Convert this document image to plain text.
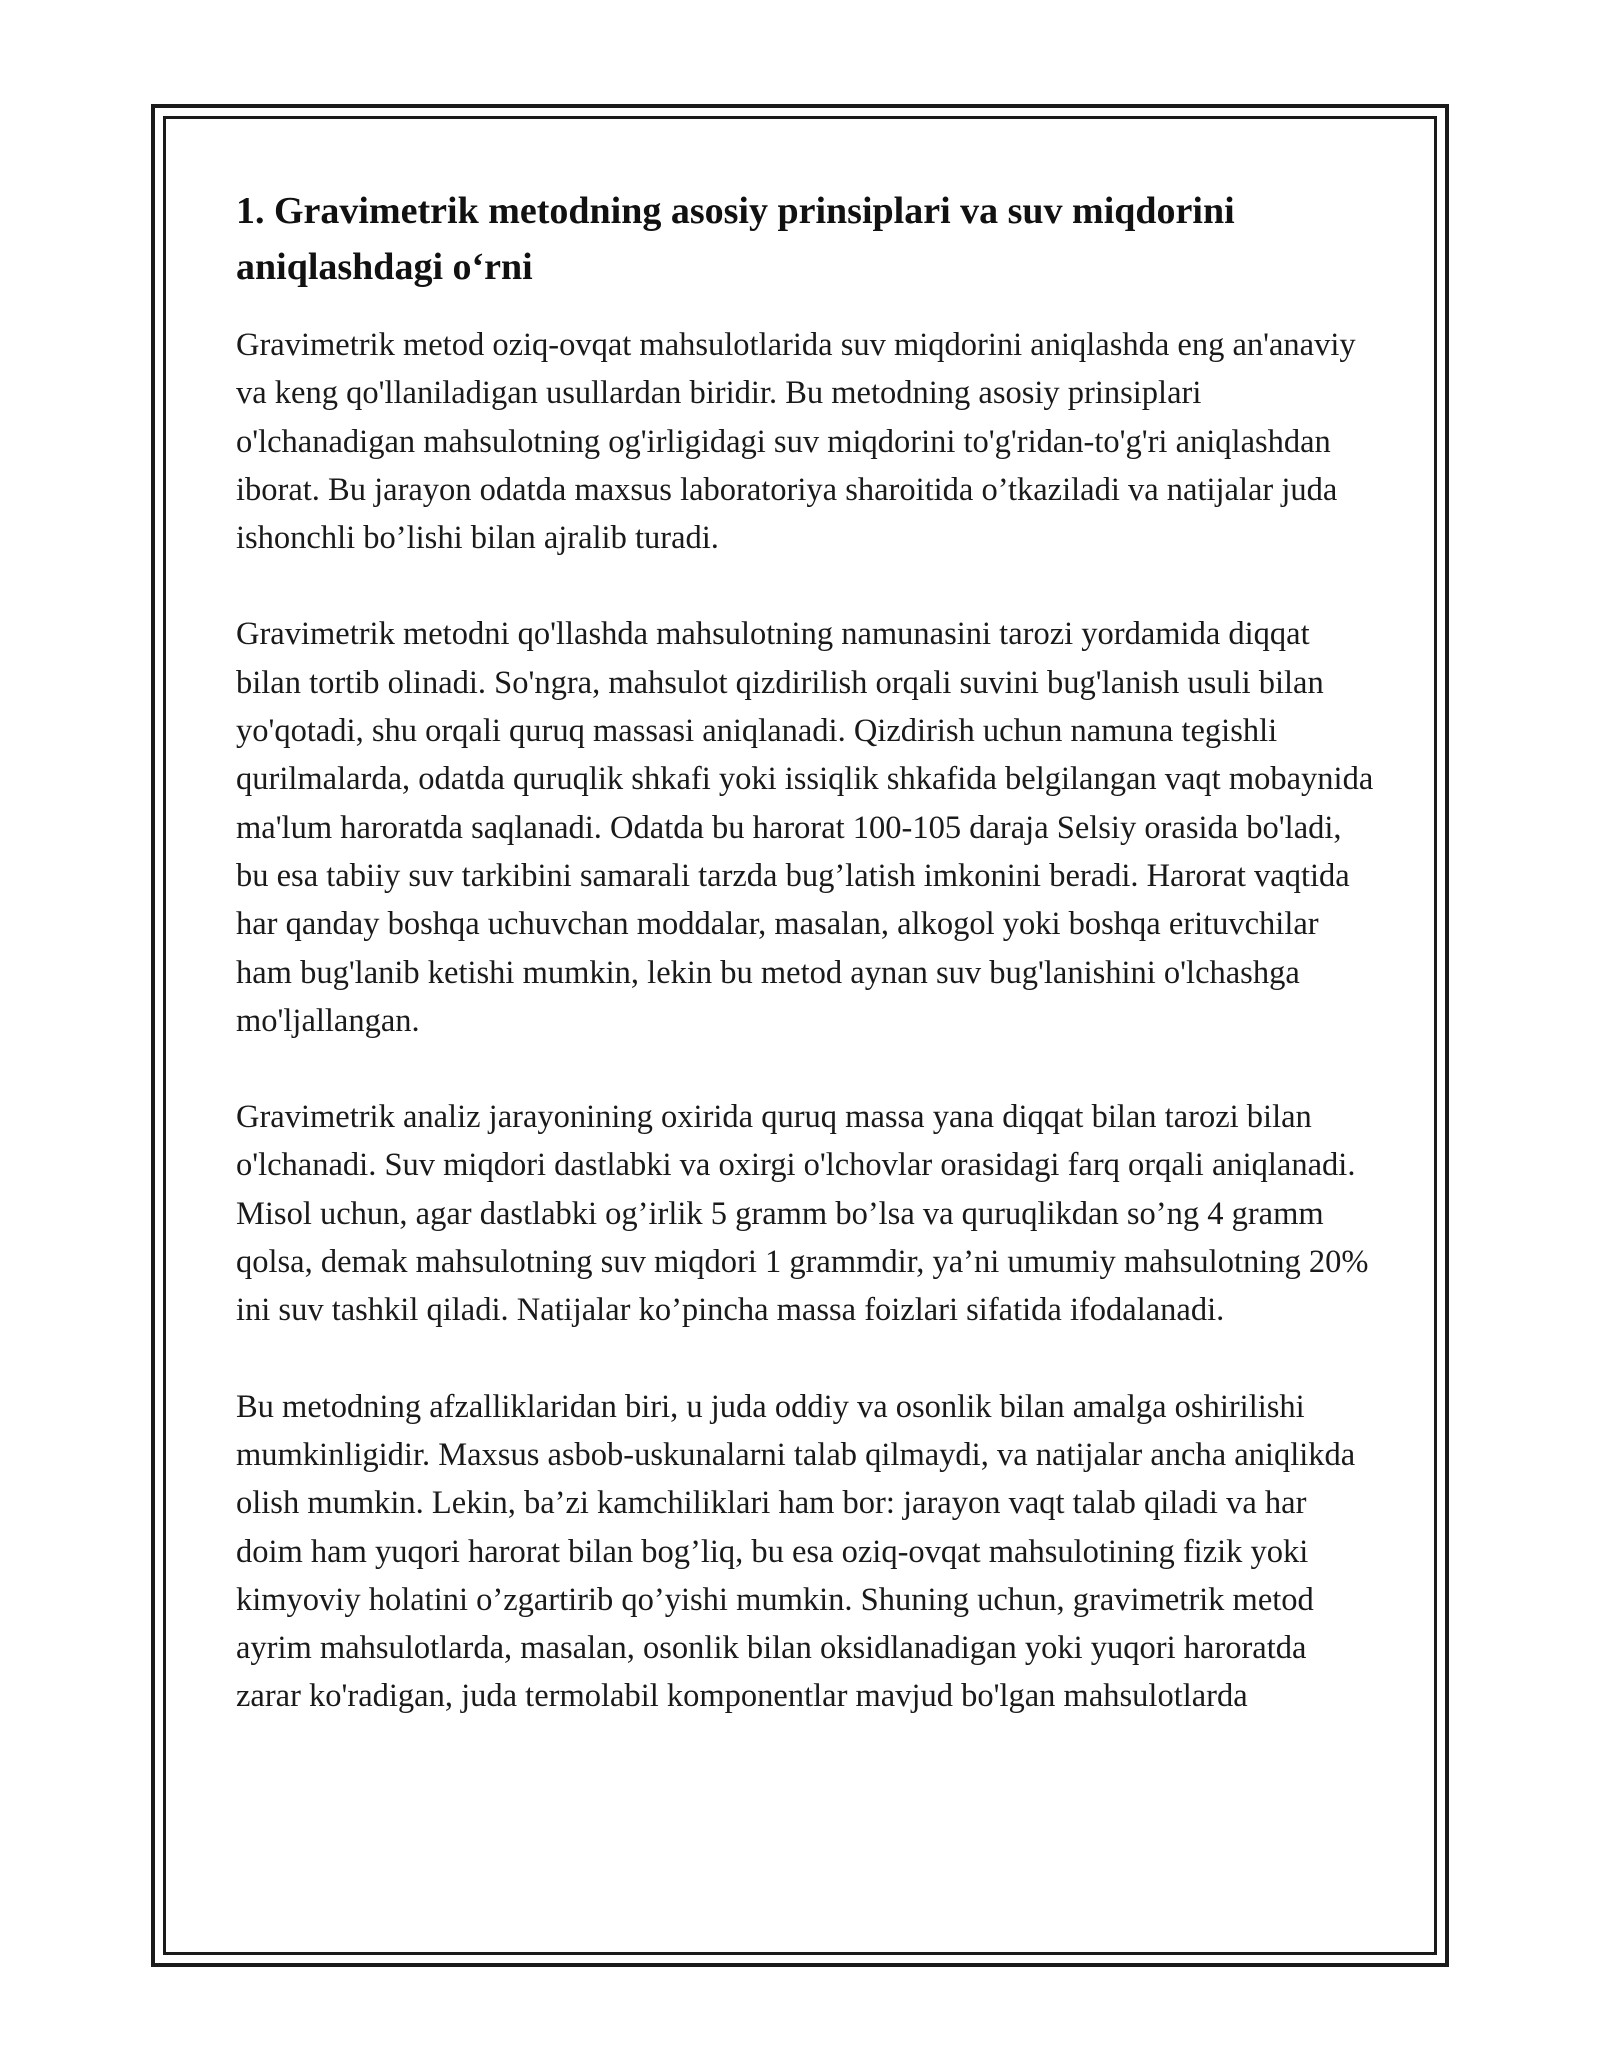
1. Gravimetrik metodning asosiy prinsiplari va suv miqdorini aniqlashdagi o‘rni

Gravimetrik metod oziq-ovqat mahsulotlarida suv miqdorini aniqlashda eng an'anaviy va keng qo'llaniladigan usullardan biridir. Bu metodning asosiy prinsiplari o'lchanadigan mahsulotning og'irligidagi suv miqdorini to'g'ridan-to'g'ri aniqlashdan iborat. Bu jarayon odatda maxsus laboratoriya sharoitida o’tkaziladi va natijalar juda ishonchli bo’lishi bilan ajralib turadi.

Gravimetrik metodni qo'llashda mahsulotning namunasini tarozi yordamida diqqat bilan tortib olinadi. So'ngra, mahsulot qizdirilish orqali suvini bug'lanish usuli bilan yo'qotadi, shu orqali quruq massasi aniqlanadi. Qizdirish uchun namuna tegishli qurilmalarda, odatda quruqlik shkafi yoki issiqlik shkafida belgilangan vaqt mobaynida ma'lum haroratda saqlanadi. Odatda bu harorat 100-105 daraja Selsiy orasida bo'ladi, bu esa tabiiy suv tarkibini samarali tarzda bug’latish imkonini beradi. Harorat vaqtida har qanday boshqa uchuvchan moddalar, masalan, alkogol yoki boshqa erituvchilar ham bug'lanib ketishi mumkin, lekin bu metod aynan suv bug'lanishini o'lchashga mo'ljallangan.

Gravimetrik analiz jarayonining oxirida quruq massa yana diqqat bilan tarozi bilan o'lchanadi. Suv miqdori dastlabki va oxirgi o'lchovlar orasidagi farq orqali aniqlanadi. Misol uchun, agar dastlabki og’irlik 5 gramm bo’lsa va quruqlikdan so’ng 4 gramm qolsa, demak mahsulotning suv miqdori 1 grammdir, ya’ni umumiy mahsulotning 20% ini suv tashkil qiladi. Natijalar ko’pincha massa foizlari sifatida ifodalanadi.

Bu metodning afzalliklaridan biri, u juda oddiy va osonlik bilan amalga oshirilishi mumkinligidir. Maxsus asbob-uskunalarni talab qilmaydi, va natijalar ancha aniqlikda olish mumkin. Lekin, ba’zi kamchiliklari ham bor: jarayon vaqt talab qiladi va har doim ham yuqori harorat bilan bog’liq, bu esa oziq-ovqat mahsulotining fizik yoki kimyoviy holatini o’zgartirib qo’yishi mumkin. Shuning uchun, gravimetrik metod ayrim mahsulotlarda, masalan, osonlik bilan oksidlanadigan yoki yuqori haroratda zarar ko'radigan, juda termolabil komponentlar mavjud bo'lgan mahsulotlarda
